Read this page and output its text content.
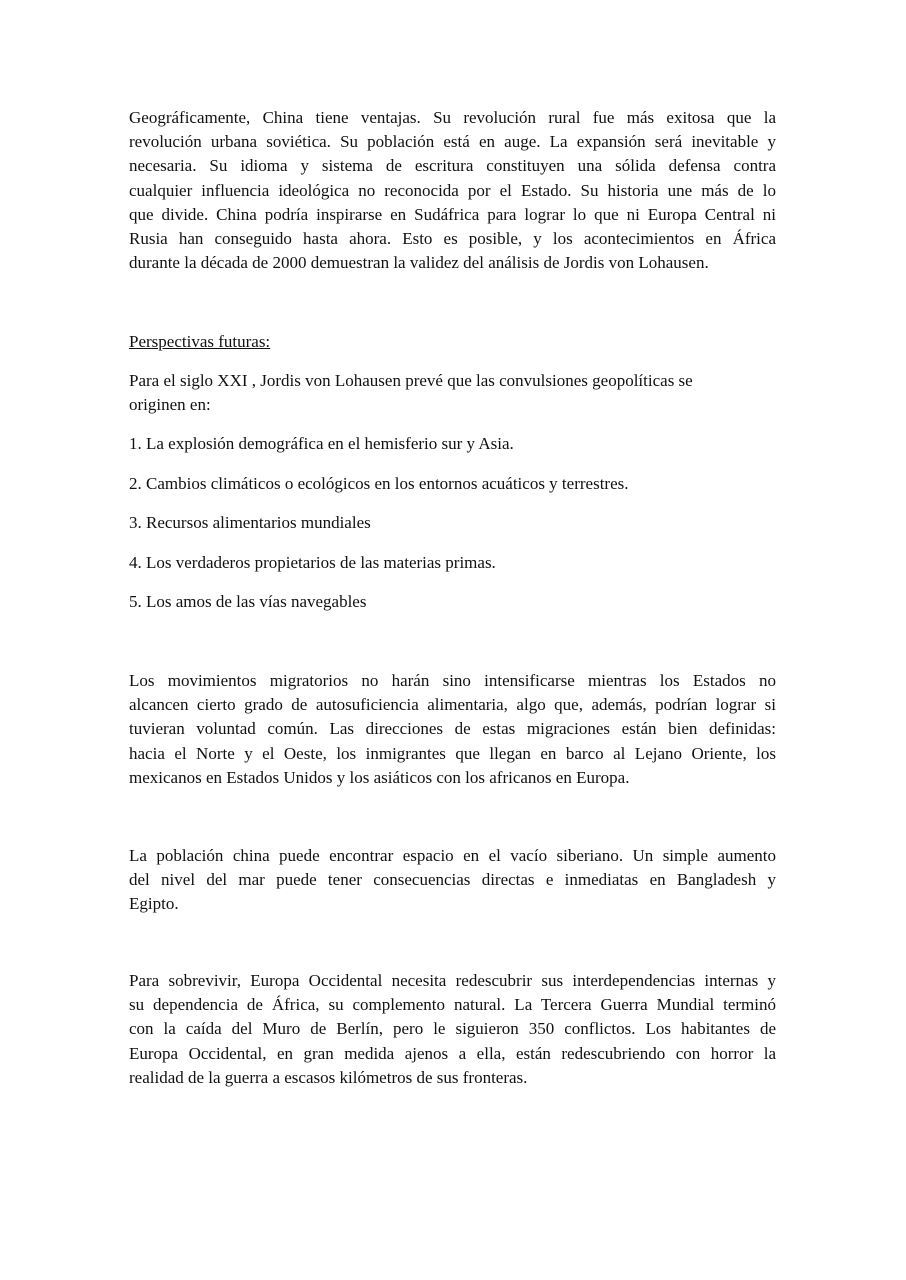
Geográficamente, China tiene ventajas. Su revolución rural fue más exitosa que la
revolución urbana soviética. Su población está en auge. La expansión será inevitable y
necesaria. Su idioma y sistema de escritura constituyen una sólida defensa contra
cualquier influencia ideológica no reconocida por el Estado. Su historia une más de lo
que divide. China podría inspirarse en Sudáfrica para lograr lo que ni Europa Central ni
Rusia han conseguido hasta ahora. Esto es posible, y los acontecimientos en África
durante la década de 2000 demuestran la validez del análisis de Jordis von Lohausen.
Perspectivas futuras:
Para el siglo XXI , Jordis von Lohausen prevé que las convulsiones geopolíticas se
originen en:
1. La explosión demográfica en el hemisferio sur y Asia.
2. Cambios climáticos o ecológicos en los entornos acuáticos y terrestres.
3. Recursos alimentarios mundiales
4. Los verdaderos propietarios de las materias primas.
5. Los amos de las vías navegables
Los movimientos migratorios no harán sino intensificarse mientras los Estados no
alcancen cierto grado de autosuficiencia alimentaria, algo que, además, podrían lograr si
tuvieran voluntad común. Las direcciones de estas migraciones están bien definidas:
hacia el Norte y el Oeste, los inmigrantes que llegan en barco al Lejano Oriente, los
mexicanos en Estados Unidos y los asiáticos con los africanos en Europa.
La población china puede encontrar espacio en el vacío siberiano. Un simple aumento
del nivel del mar puede tener consecuencias directas e inmediatas en Bangladesh y
Egipto.
Para sobrevivir, Europa Occidental necesita redescubrir sus interdependencias internas y
su dependencia de África, su complemento natural. La Tercera Guerra Mundial terminó
con la caída del Muro de Berlín, pero le siguieron 350 conflictos. Los habitantes de
Europa Occidental, en gran medida ajenos a ella, están redescubriendo con horror la
realidad de la guerra a escasos kilómetros de sus fronteras.
